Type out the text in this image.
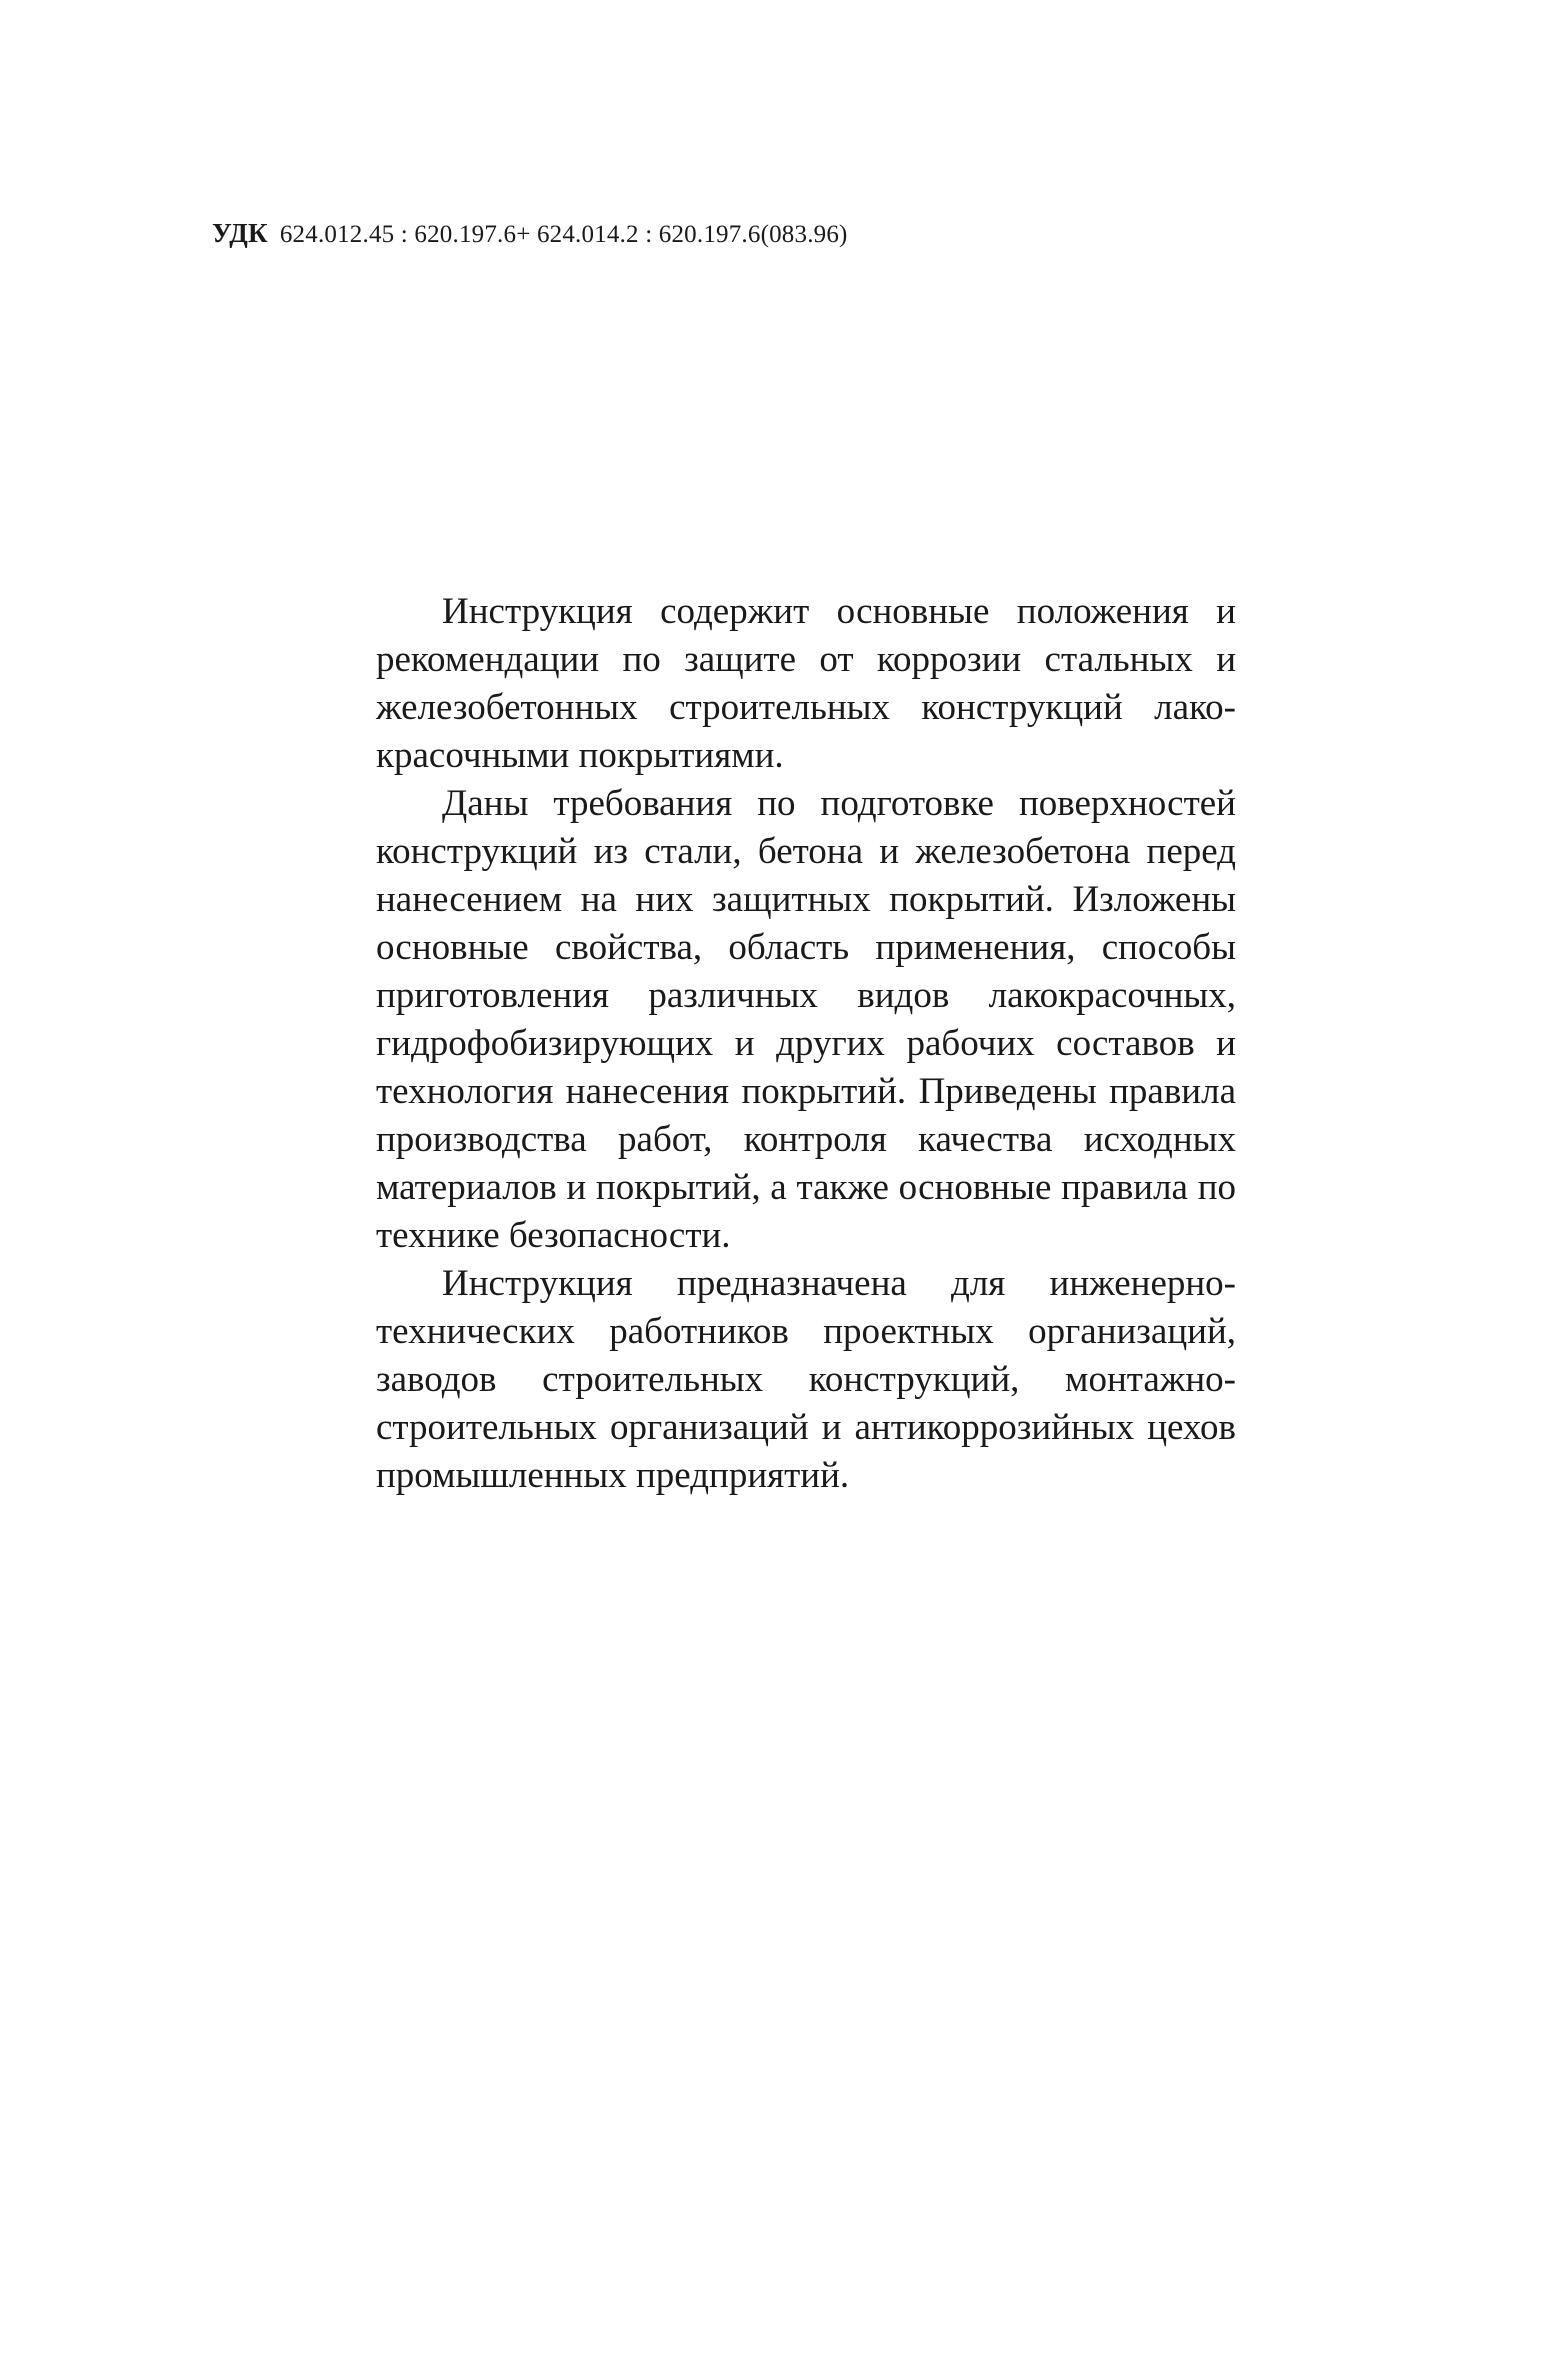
УДК 624.012.45 : 620.197.6+ 624.014.2 : 620.197.6(083.96)

Инструкция содержит основные положения и рекомендации по защите от коррозии стальных и железобетонных строительных конструкций лакокрасочными покрытиями.

Даны требования по подготовке поверхностей конструкций из стали, бетона и железобетона перед нанесением на них защитных покрытий. Изложены основные свойства, область применения, способы приготовления различных видов лакокрасочных, гидрофобизирующих и других рабочих составов и технология нанесения покрытий. Приведены правила производства работ, контроля качества исходных материалов и покрытий, а также основные правила по технике безопасности.

Инструкция предназначена для инженерно-технических работников проектных организаций, заводов строительных конструкций, монтажно-строительных организаций и антикоррозийных цехов промышленных предприятий.
